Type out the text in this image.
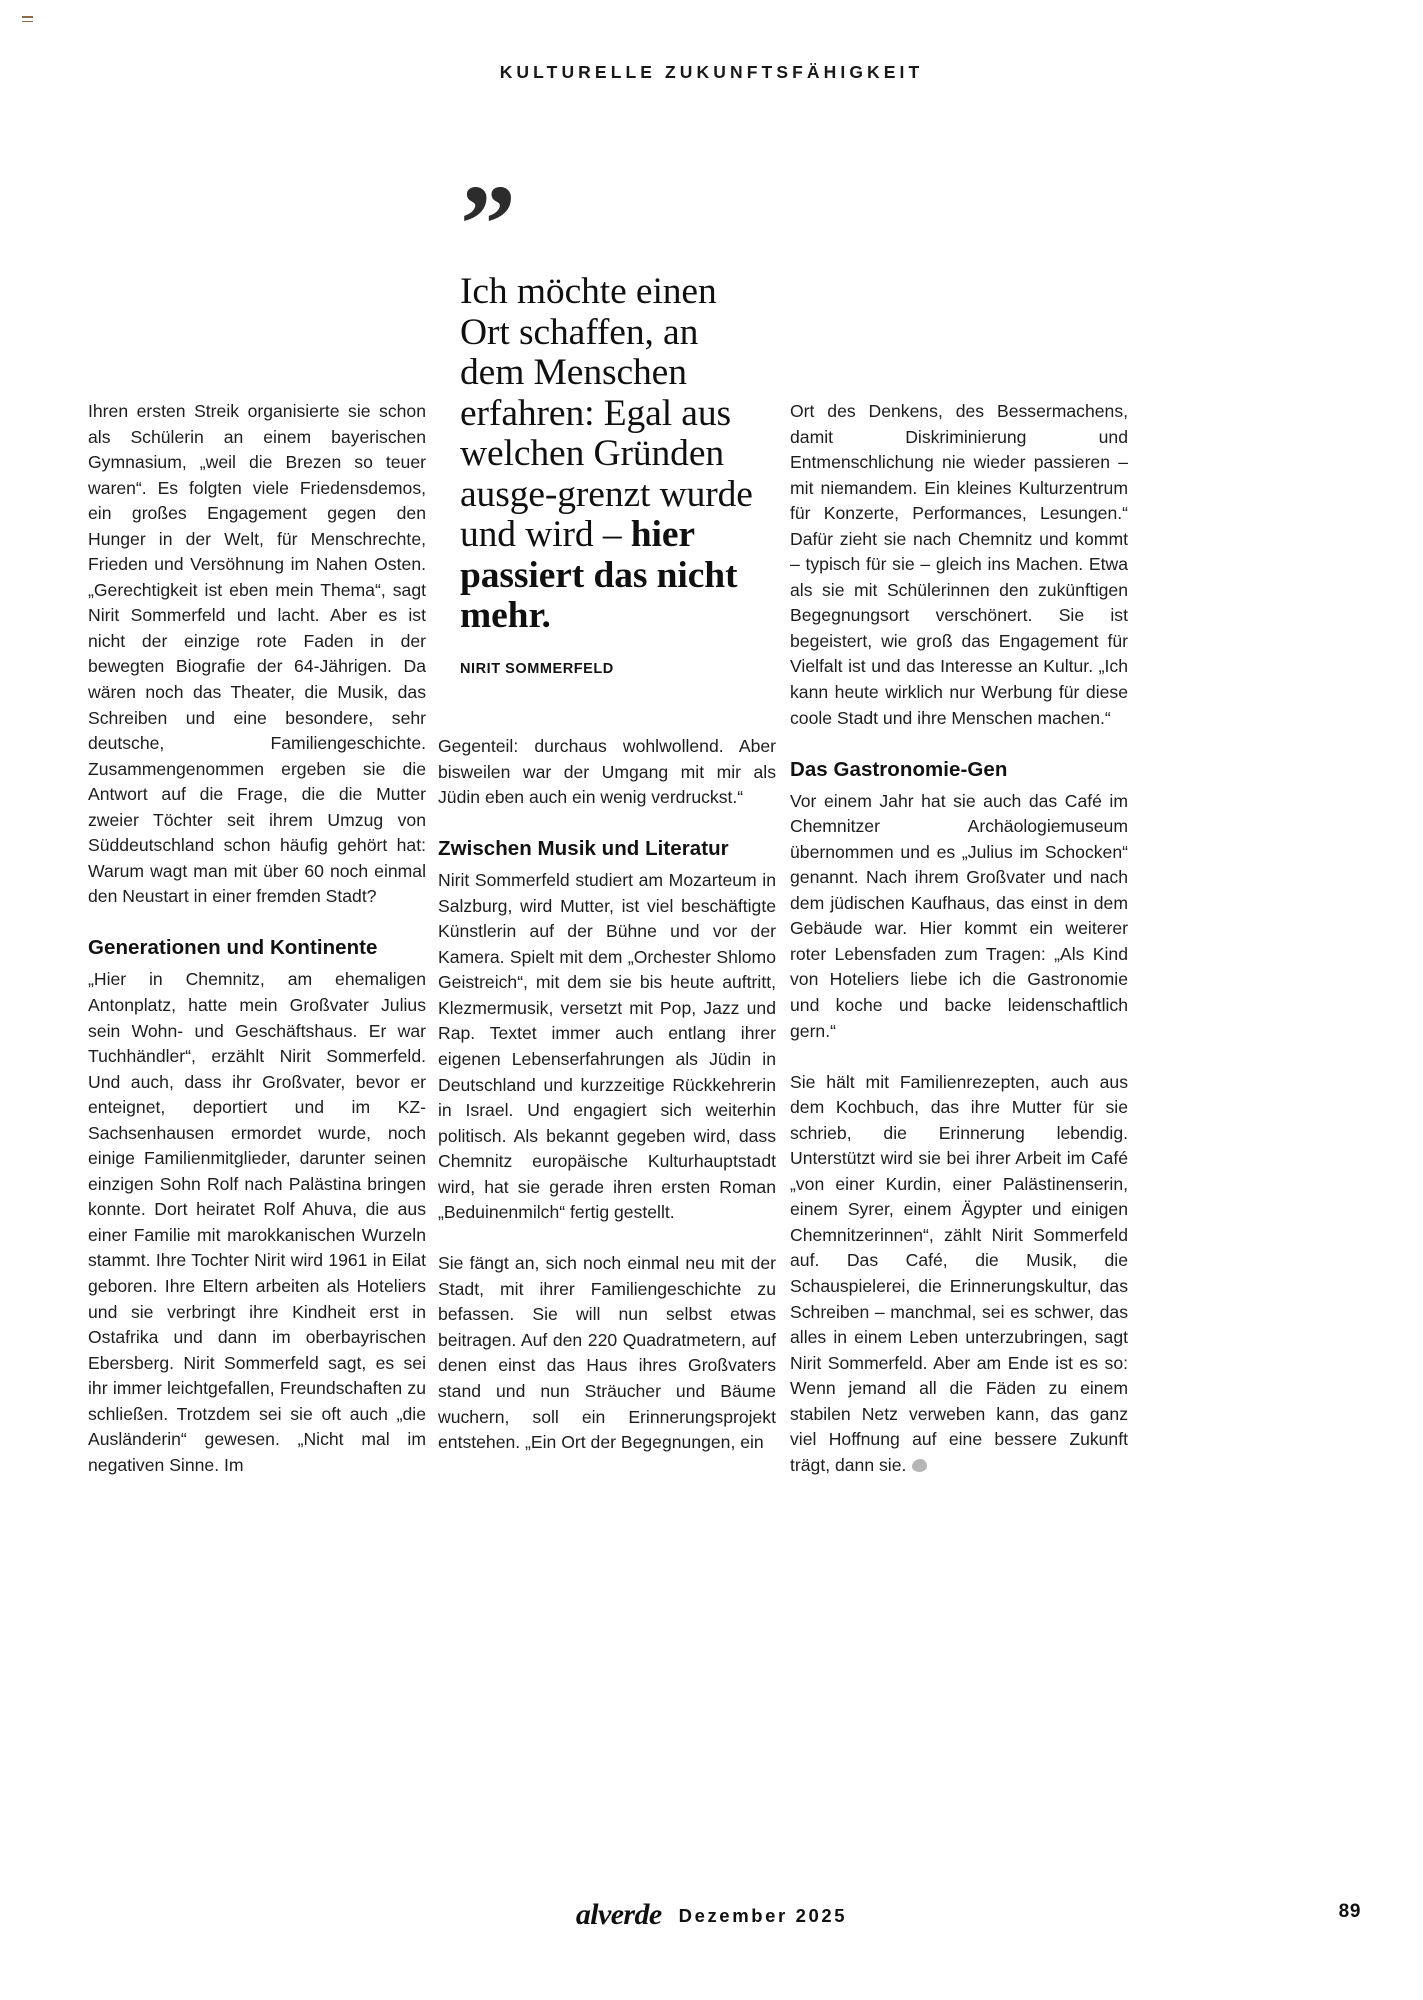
KULTURELLE ZUKUNFTSFÄHIGKEIT
”
Ich möchte einen Ort schaffen, an dem Menschen erfahren: Egal aus welchen Gründen ausge-grenzt wurde und wird – hier passiert das nicht mehr.
NIRIT SOMMERFELD

Ihren ersten Streik organisierte sie schon als Schülerin an einem bayerischen Gymnasium, „weil die Brezen so teuer waren“. Es folgten viele Friedensdemos, ein großes Engagement gegen den Hunger in der Welt, für Menschrechte, Frieden und Versöhnung im Nahen Osten. „Gerechtigkeit ist eben mein Thema“, sagt Nirit Sommerfeld und lacht. Aber es ist nicht der einzige rote Faden in der bewegten Biografie der 64-Jährigen. Da wären noch das Theater, die Musik, das Schreiben und eine besondere, sehr deutsche, Familiengeschichte. Zusammengenommen ergeben sie die Antwort auf die Frage, die die Mutter zweier Töchter seit ihrem Umzug von Süddeutschland schon häufig gehört hat: Warum wagt man mit über 60 noch einmal den Neustart in einer fremden Stadt?

Generationen und Kontinente

„Hier in Chemnitz, am ehemaligen Antonplatz, hatte mein Großvater Julius sein Wohn- und Geschäftshaus. Er war Tuchhändler“, erzählt Nirit Sommerfeld. Und auch, dass ihr Großvater, bevor er enteignet, deportiert und im KZ-Sachsenhausen ermordet wurde, noch einige Familienmitglieder, darunter seinen einzigen Sohn Rolf nach Palästina bringen konnte. Dort heiratet Rolf Ahuva, die aus einer Familie mit marokkanischen Wurzeln stammt. Ihre Tochter Nirit wird 1961 in Eilat geboren. Ihre Eltern arbeiten als Hoteliers und sie verbringt ihre Kindheit erst in Ostafrika und dann im oberbayrischen Ebersberg. Nirit Sommerfeld sagt, es sei ihr immer leichtgefallen, Freundschaften zu schließen. Trotzdem sei sie oft auch „die Ausländerin“ gewesen. „Nicht mal im negativen Sinne. Im

Gegenteil: durchaus wohlwollend. Aber bisweilen war der Umgang mit mir als Jüdin eben auch ein wenig verdruckst.“

Zwischen Musik und Literatur

Nirit Sommerfeld studiert am Mozarteum in Salzburg, wird Mutter, ist viel beschäftigte Künstlerin auf der Bühne und vor der Kamera. Spielt mit dem „Orchester Shlomo Geistreich“, mit dem sie bis heute auftritt, Klezmermusik, versetzt mit Pop, Jazz und Rap. Textet immer auch entlang ihrer eigenen Lebenserfahrungen als Jüdin in Deutschland und kurzzeitige Rückkehrerin in Israel. Und engagiert sich weiterhin politisch. Als bekannt gegeben wird, dass Chemnitz europäische Kulturhauptstadt wird, hat sie gerade ihren ersten Roman „Beduinenmilch“ fertig gestellt.

Sie fängt an, sich noch einmal neu mit der Stadt, mit ihrer Familiengeschichte zu befassen. Sie will nun selbst etwas beitragen. Auf den 220 Quadratmetern, auf denen einst das Haus ihres Großvaters stand und nun Sträucher und Bäume wuchern, soll ein Erinnerungsprojekt entstehen. „Ein Ort der Begegnungen, ein

Ort des Denkens, des Bessermachens, damit Diskriminierung und Entmenschlichung nie wieder passieren – mit niemandem. Ein kleines Kulturzentrum für Konzerte, Performances, Lesungen.“ Dafür zieht sie nach Chemnitz und kommt – typisch für sie – gleich ins Machen. Etwa als sie mit Schülerinnen den zukünftigen Begegnungsort verschönert. Sie ist begeistert, wie groß das Engagement für Vielfalt ist und das Interesse an Kultur. „Ich kann heute wirklich nur Werbung für diese coole Stadt und ihre Menschen machen.“

Das Gastronomie-Gen

Vor einem Jahr hat sie auch das Café im Chemnitzer Archäologiemuseum übernommen und es „Julius im Schocken“ genannt. Nach ihrem Großvater und nach dem jüdischen Kaufhaus, das einst in dem Gebäude war. Hier kommt ein weiterer roter Lebensfaden zum Tragen: „Als Kind von Hoteliers liebe ich die Gastronomie und koche und backe leidenschaftlich gern.“

Sie hält mit Familienrezepten, auch aus dem Kochbuch, das ihre Mutter für sie schrieb, die Erinnerung lebendig. Unterstützt wird sie bei ihrer Arbeit im Café „von einer Kurdin, einer Palästinenserin, einem Syrer, einem Ägypter und einigen Chemnitzerinnen“, zählt Nirit Sommerfeld auf. Das Café, die Musik, die Schauspielerei, die Erinnerungskultur, das Schreiben – manchmal, sei es schwer, das alles in einem Leben unterzubringen, sagt Nirit Sommerfeld. Aber am Ende ist es so: Wenn jemand all die Fäden zu einem stabilen Netz verweben kann, das ganz viel Hoffnung auf eine bessere Zukunft trägt, dann sie.

alverde Dezember 2025	89
